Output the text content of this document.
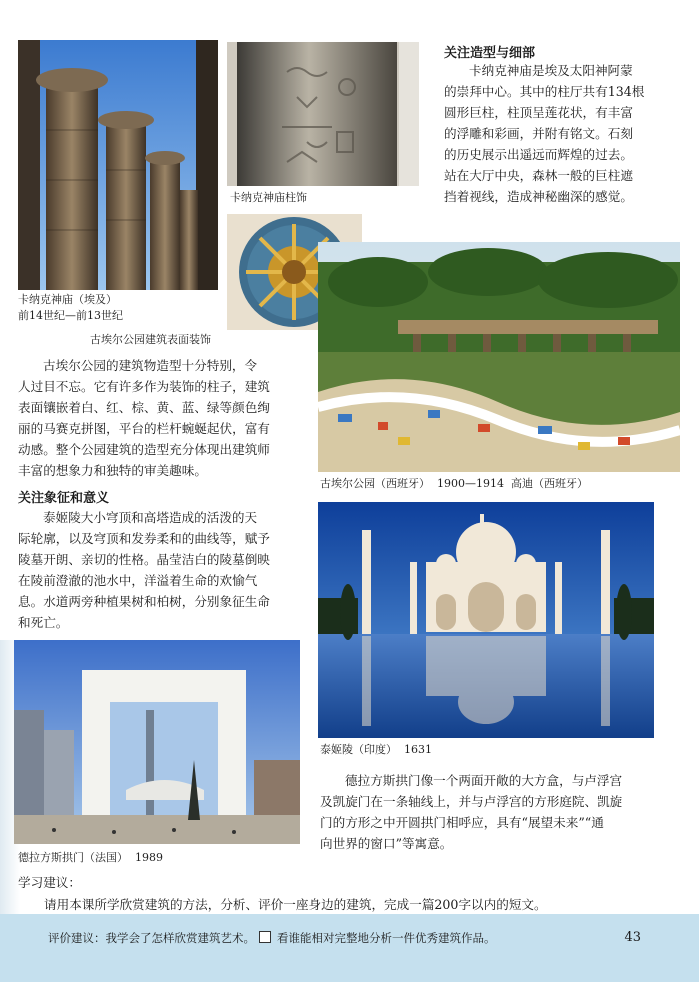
卡纳克神庙（埃及）
前14世纪—前13世纪
卡纳克神庙柱饰
关注造型与细部
卡纳克神庙是埃及太阳神阿蒙
的崇拜中心。其中的柱厅共有134根
圆形巨柱，柱顶呈莲花状，有丰富
的浮雕和彩画，并附有铭文。石刻
的历史展示出遥远而辉煌的过去。
站在大厅中央，森林一般的巨柱遮
挡着视线，造成神秘幽深的感觉。
古埃尔公园建筑表面装饰
古埃尔公园（西班牙）  1900—1914  高迪（西班牙）
古埃尔公园的建筑物造型十分特别，令
人过目不忘。它有许多作为装饰的柱子，建筑
表面镶嵌着白、红、棕、黄、蓝、绿等颜色绚
丽的马赛克拼图，平台的栏杆蜿蜒起伏，富有
动感。整个公园建筑的造型充分体现出建筑师
丰富的想象力和独特的审美趣味。
关注象征和意义
泰姬陵大小穹顶和高塔造成的活泼的天
际轮廓，以及穹顶和发券柔和的曲线等，赋予
陵墓开朗、亲切的性格。晶莹洁白的陵墓倒映
在陵前澄澈的池水中，洋溢着生命的欢愉气
息。水道两旁种植果树和柏树，分别象征生命
和死亡。
泰姬陵（印度）  1631
德拉方斯拱门（法国）  1989
德拉方斯拱门像一个两面开敞的大方盒，与卢浮宫
及凯旋门在一条轴线上，并与卢浮宫的方形庭院、凯旋
门的方形之中开圆拱门相呼应，具有“展望未来”“通
向世界的窗口”等寓意。
学习建议：
请用本课所学欣赏建筑的方法，分析、评价一座身边的建筑，完成一篇200字以内的短文。
评价建议：我学会了怎样欣赏建筑艺术。 看谁能相对完整地分析一件优秀建筑作品。	43
